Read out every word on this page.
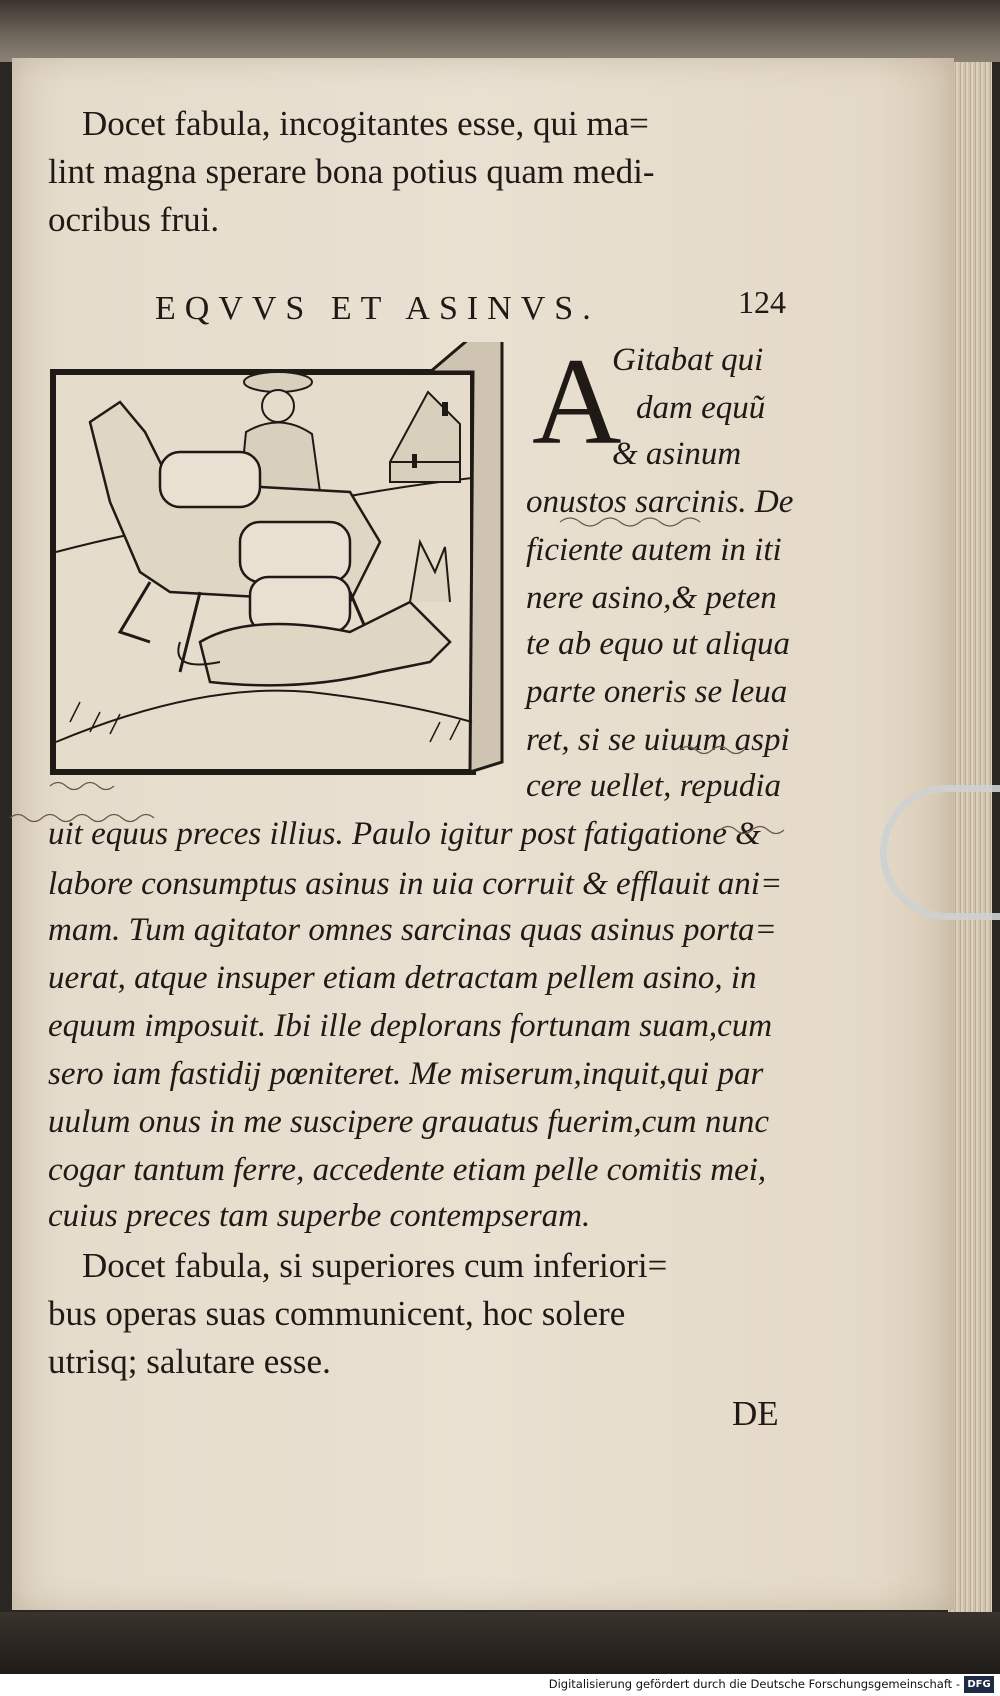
Docet fabula, incogitantes esse, qui ma=
lint magna sperare bona potius quam medi-
ocribus frui.
EQVVS ET ASINVS.	124
A
Gitabat qui
dam equũ
& asinum
onustos sarcinis. De
ficiente autem in iti
nere asino,& peten
te ab equo ut aliqua
parte oneris se leua
ret, si se uiuum aspi
cere uellet, repudia
uit equus preces illius. Paulo igitur post fatigatione &
labore consumptus asinus in uia corruit & efflauit ani=
mam. Tum agitator omnes sarcinas quas asinus porta=
uerat, atque insuper etiam detractam pellem asino, in
equum imposuit. Ibi ille deplorans fortunam suam,cum
sero iam fastidij pœniteret. Me miserum,inquit,qui par
uulum onus in me suscipere grauatus fuerim,cum nunc
cogar tantum ferre, accedente etiam pelle comitis mei,
cuius preces tam superbe contempseram.
Docet fabula, si superiores cum inferiori=
bus operas suas communicent, hoc solere
utrisq; salutare esse.
DE
Digitalisierung gefördert durch die Deutsche Forschungsgemeinschaft - DFG
